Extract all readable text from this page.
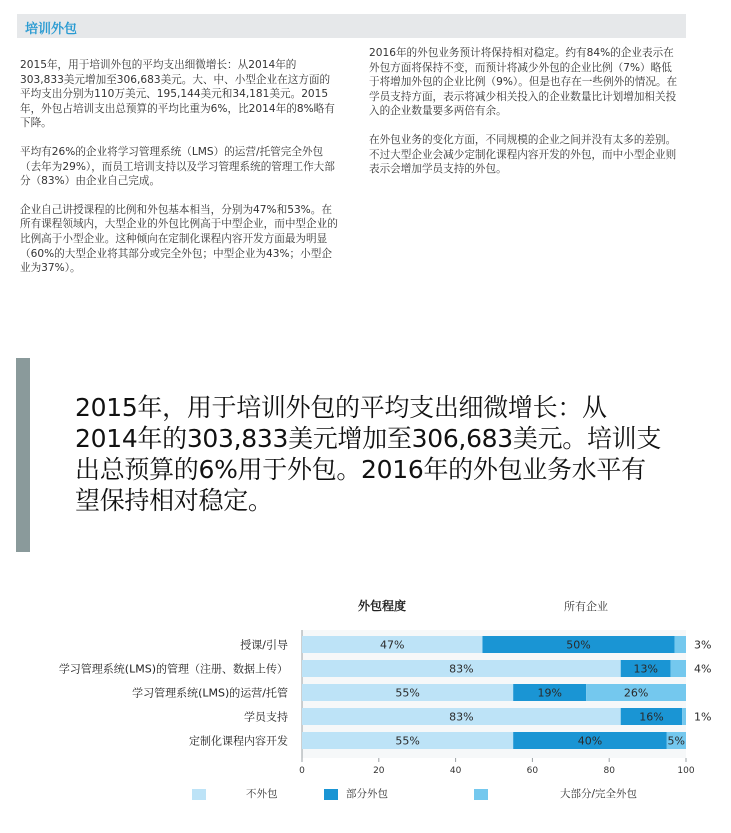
培训外包

2015年，用于培训外包的平均支出细微增长：从2014年的303,833美元增加至306,683美元。大、中、小型企业在这方面的平均支出分别为110万美元、195,144美元和34,181美元。2015年，外包占培训支出总预算的平均比重为6%，比2014年的8%略有下降。

平均有26%的企业将学习管理系统（LMS）的运营/托管完全外包（去年为29%），而员工培训支持以及学习管理系统的管理工作大部分（83%）由企业自己完成。

企业自己讲授课程的比例和外包基本相当，分别为47%和53%。在所有课程领域内，大型企业的外包比例高于中型企业，而中型企业的比例高于小型企业。这种倾向在定制化课程内容开发方面最为明显（60%的大型企业将其部分或完全外包；中型企业为43%；小型企业为37%）。

2016年的外包业务预计将保持相对稳定。约有84%的企业表示在外包方面将保持不变，而预计将减少外包的企业比例（7%）略低于将增加外包的企业比例（9%）。但是也存在一些例外的情况。在学员支持方面，表示将减少相关投入的企业数量比计划增加相关投入的企业数量要多两倍有余。

在外包业务的变化方面，不同规模的企业之间并没有太多的差别。不过大型企业会减少定制化课程内容开发的外包，而中小型企业则表示会增加学员支持的外包。

2015年，用于培训外包的平均支出细微增长：从2014年的303,833美元增加至306,683美元。培训支出总预算的6%用于外包。2016年的外包业务水平有望保持相对稳定。
外包程度	所有企业
授课/引导	47%	50%	3%
学习管理系统(LMS)的管理（注册、数据上传）	83%	13%	4%
学习管理系统(LMS)的运营/托管	55%	19%	26%
学员支持	83%	16%	1%
定制化课程内容开发	55%	40%	5%
0	20	40	60	80	100
不外包	部分外包	大部分/完全外包
